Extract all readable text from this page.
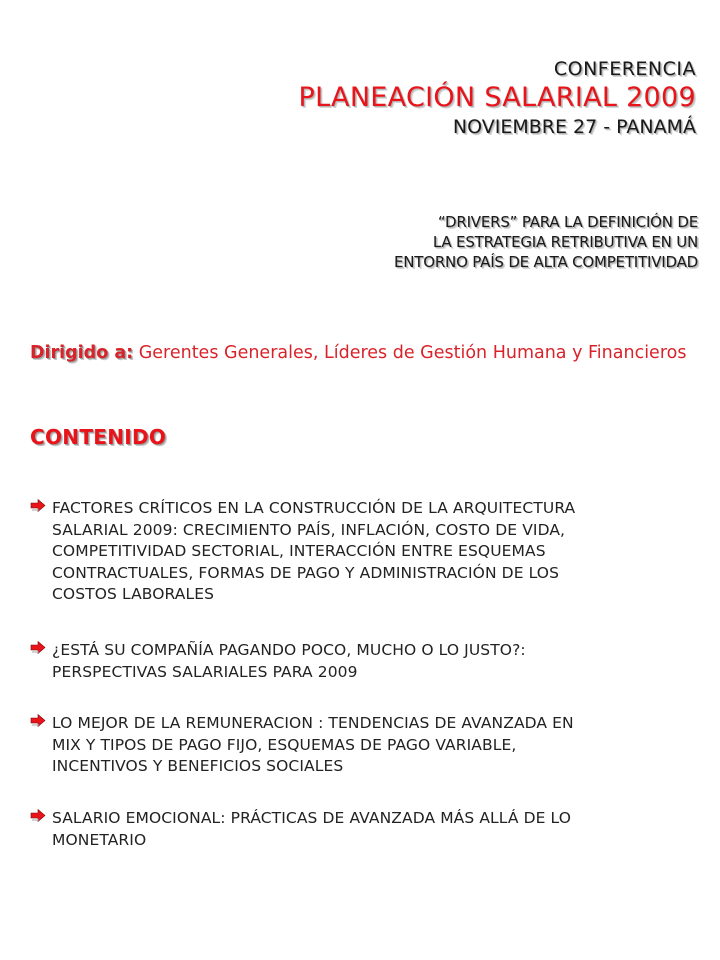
CONFERENCIA
PLANEACIÓN SALARIAL 2009
NOVIEMBRE 27 - PANAMÁ
“DRIVERS” PARA LA DEFINICIÓN DE
LA ESTRATEGIA RETRIBUTIVA EN UN
ENTORNO PAÍS DE ALTA COMPETITIVIDAD
Dirigido a: Gerentes Generales, Líderes de Gestión Humana y Financieros
CONTENIDO
FACTORES CRÍTICOS EN LA CONSTRUCCIÓN DE LA ARQUITECTURA
SALARIAL 2009: CRECIMIENTO PAÍS, INFLACIÓN, COSTO DE VIDA,
COMPETITIVIDAD SECTORIAL, INTERACCIÓN ENTRE ESQUEMAS
CONTRACTUALES, FORMAS DE PAGO Y ADMINISTRACIÓN DE LOS
COSTOS LABORALES
¿ESTÁ SU COMPAÑÍA PAGANDO POCO, MUCHO O LO JUSTO?:
PERSPECTIVAS SALARIALES PARA 2009
LO MEJOR DE LA REMUNERACION : TENDENCIAS DE AVANZADA EN
MIX Y TIPOS DE PAGO FIJO, ESQUEMAS DE PAGO VARIABLE,
INCENTIVOS Y BENEFICIOS SOCIALES
SALARIO EMOCIONAL: PRÁCTICAS DE AVANZADA MÁS ALLÁ DE LO
MONETARIO
